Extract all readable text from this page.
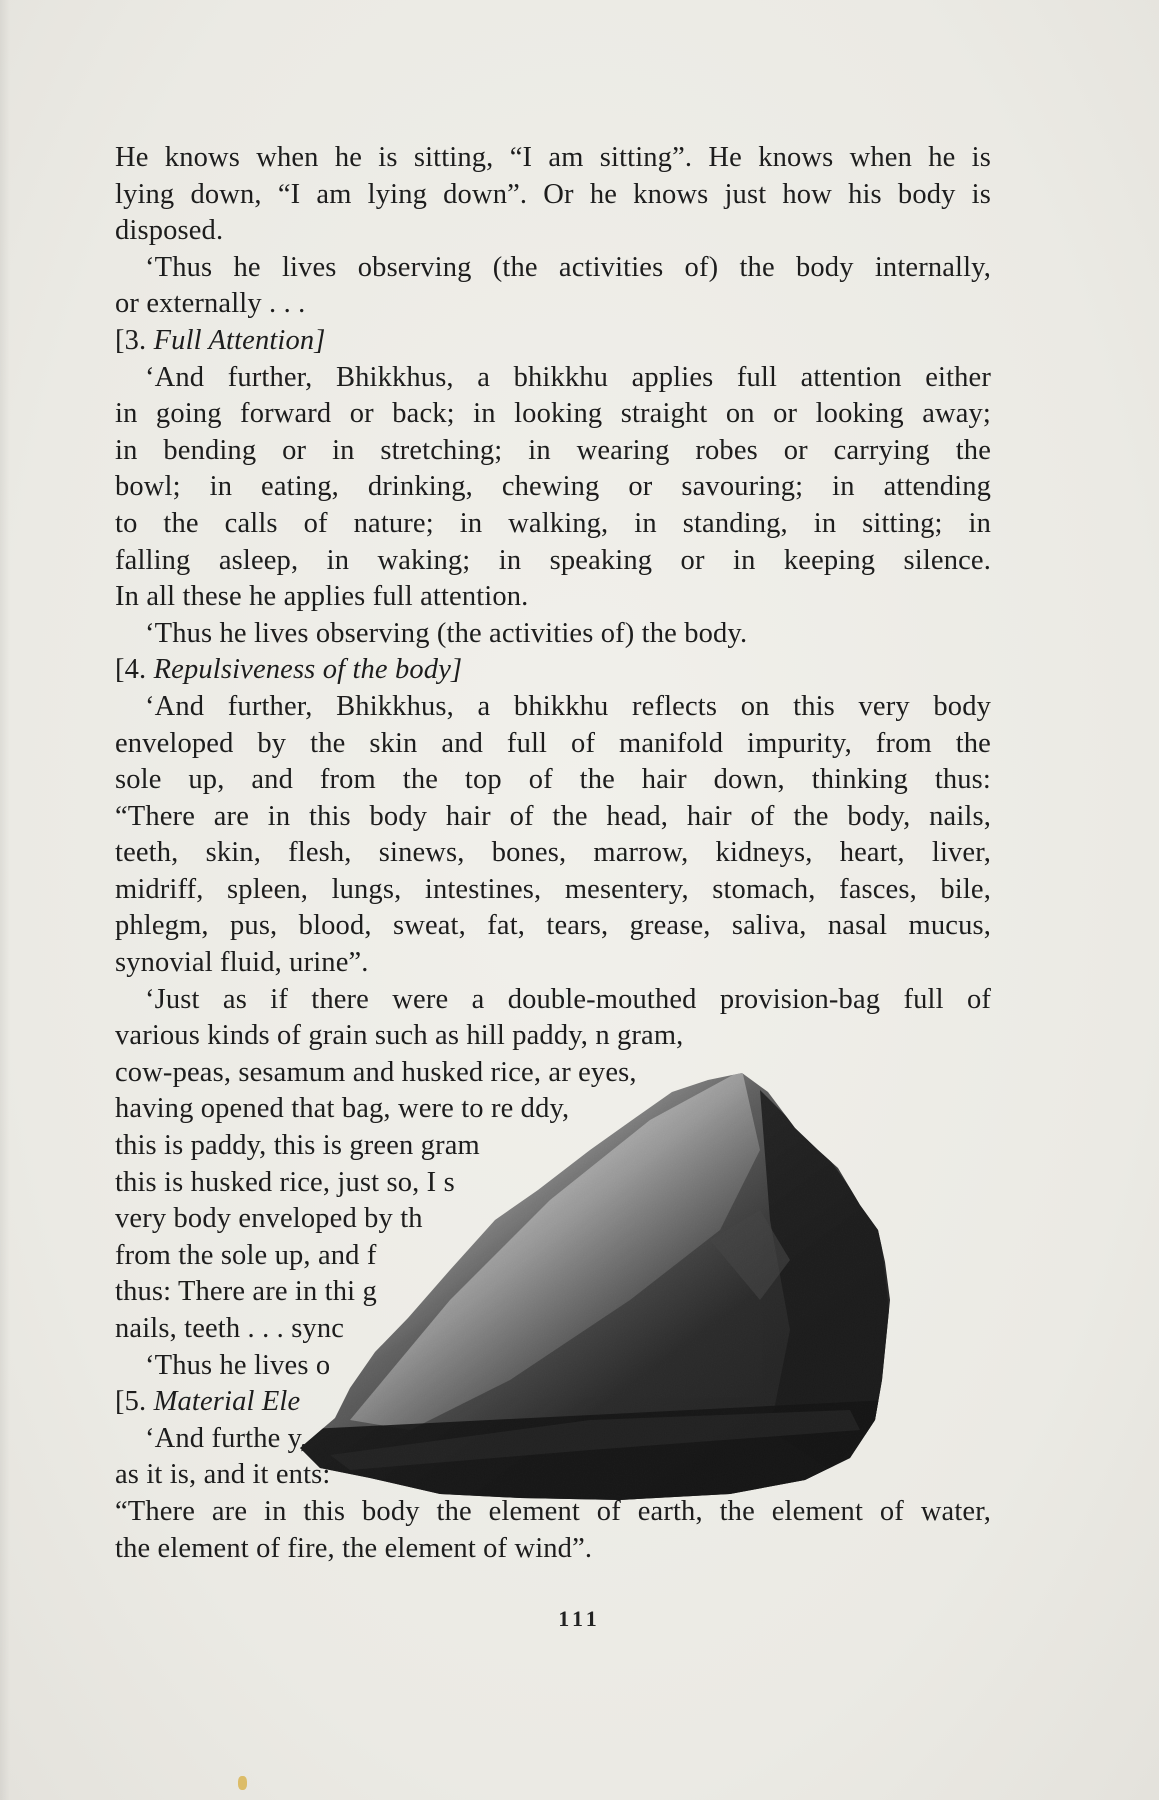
He knows when he is sitting, “I am sitting”. He knows when he is
lying down, “I am lying down”. Or he knows just how his body is
disposed.
‘Thus he lives observing (the activities of) the body internally,
or externally . . .
[3. Full Attention]
‘And further, Bhikkhus, a bhikkhu applies full attention either
in going forward or back; in looking straight on or looking away;
in bending or in stretching; in wearing robes or carrying the
bowl; in eating, drinking, chewing or savouring; in attending
to the calls of nature; in walking, in standing, in sitting; in
falling asleep, in waking; in speaking or in keeping silence.
In all these he applies full attention.
‘Thus he lives observing (the activities of) the body.
[4. Repulsiveness of the body]
‘And further, Bhikkhus, a bhikkhu reflects on this very body
enveloped by the skin and full of manifold impurity, from the
sole up, and from the top of the hair down, thinking thus:
“There are in this body hair of the head, hair of the body, nails,
teeth, skin, flesh, sinews, bones, marrow, kidneys, heart, liver,
midriff, spleen, lungs, intestines, mesentery, stomach, fasces, bile,
phlegm, pus, blood, sweat, fat, tears, grease, saliva, nasal mucus,
synovial fluid, urine”.
‘Just as if there were a double-mouthed provision-bag full of
various kinds of grain such as hill paddy, n gram,
cow-peas, sesamum and husked rice, ar eyes,
having opened that bag, were to re ddy,
this is paddy, this is green gram
this is husked rice, just so, I s
very body enveloped by th
from the sole up, and f
thus: There are in thi g
nails, teeth . . . sync
‘Thus he lives o
[5. Material Ele
‘And furthe y,
as it is, and it ents:
“There are in this body the element of earth, the element of water,
the element of fire, the element of wind”.
111
